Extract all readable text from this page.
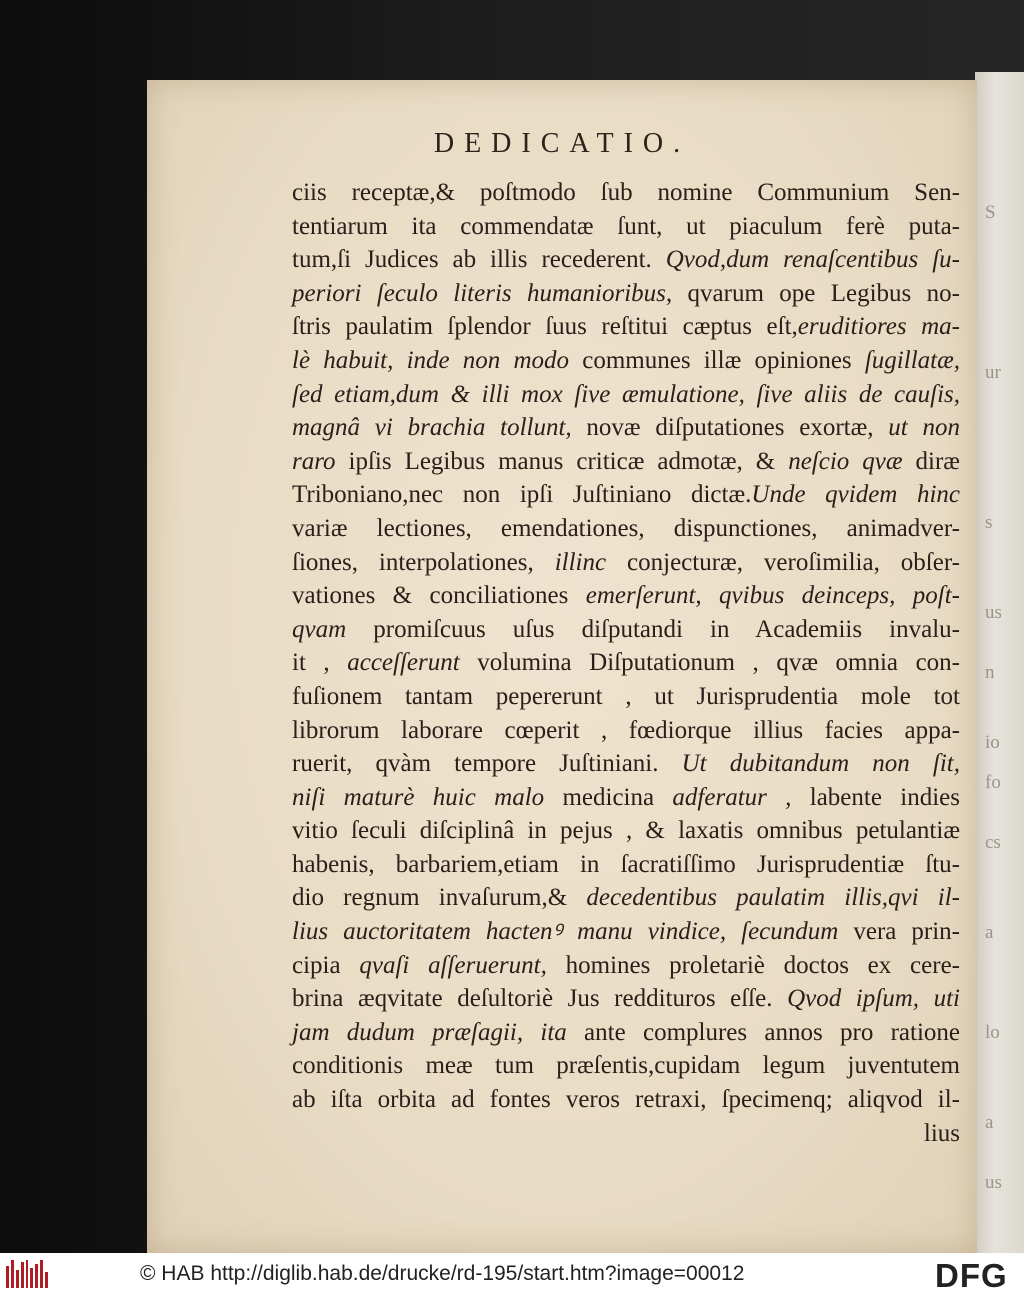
S
ur
s
us
n
io
fo
cs
a
lo
a
us
DEDICATIO.
ciis receptæ,& poſtmodo ſub nomine Communium Sen-
tentiarum ita commendatæ ſunt, ut piaculum ferè puta-
tum,ſi Judices ab illis recederent. Qvod,dum renaſcentibus ſu-
periori ſeculo literis humanioribus, qvarum ope Legibus no-
ſtris paulatim ſplendor ſuus reſtitui cæptus eſt,eruditiores ma-
lè habuit, inde non modo communes illæ opiniones ſugillatæ,
ſed etiam,dum & illi mox ſive æmulatione, ſive aliis de cauſis,
magnâ vi brachia tollunt, novæ diſputationes exortæ, ut non
raro ipſis Legibus manus criticæ admotæ, & neſcio qvæ diræ
Triboniano,nec non ipſi Juſtiniano dictæ.Unde qvidem hinc
variæ lectiones, emendationes, dispunctiones, animadver-
ſiones, interpolationes, illinc conjecturæ, veroſimilia, obſer-
vationes & conciliationes emerſerunt, qvibus deinceps, poſt-
qvam promiſcuus uſus diſputandi in Academiis invalu-
it , acceſſerunt volumina Diſputationum , qvæ omnia con-
fuſionem tantam pepererunt , ut Jurisprudentia mole tot
librorum laborare cœperit , fœdiorque illius facies appa-
ruerit, qvàm tempore Juſtiniani. Ut dubitandum non ſit,
niſi maturè huic malo medicina adferatur , labente indies
vitio ſeculi diſciplinâ in pejus , & laxatis omnibus petulantiæ
habenis, barbariem,etiam in ſacratiſſimo Jurisprudentiæ ſtu-
dio regnum invaſurum,& decedentibus paulatim illis,qvi il-
lius auctoritatem hactenꝰ manu vindice, ſecundum vera prin-
cipia qvaſi aſſeruerunt, homines proletariè doctos ex cere-
brina æqvitate deſultoriè Jus reddituros eſſe. Qvod ipſum, uti
jam dudum præſagii, ita ante complures annos pro ratione
conditionis meæ tum præſentis,cupidam legum juventutem
ab iſta orbita ad fontes veros retraxi, ſpecimenq; aliqvod il-
lius
© HAB http://diglib.hab.de/drucke/rd-195/start.htm?image=00012	DFG
